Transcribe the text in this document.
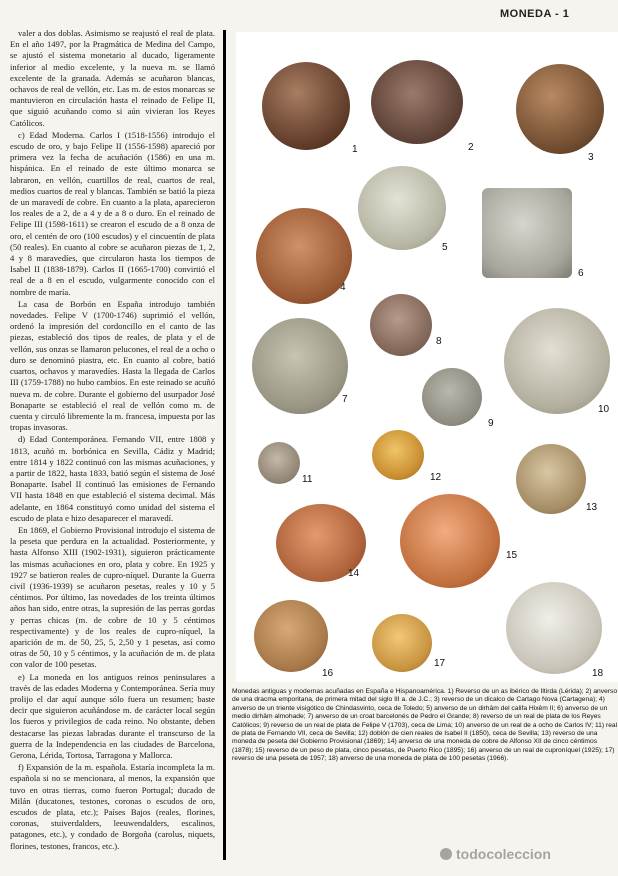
MONEDA - 1

valer a dos doblas. Asimismo se reajustó el real de plata. En el año 1497, por la Pragmática de Medina del Campo, se ajustó el sistema monetario al ducado, ligeramente inferior al medio excelente, y la nueva m. se llamó excelente de la granada. Además se acuñaron blancas, ochavos de real de vellón, etc. Las m. de estos monarcas se mantuvieron en circulación hasta el reinado de Felipe II, que siguió acuñando como si aún vivieran los Reyes Católicos.

c) Edad Moderna. Carlos I (1518-1556) introdujo el escudo de oro, y bajo Felipe II (1556-1598) apareció por primera vez la fecha de acuñación (1586) en una m. hispánica. En el reinado de este último monarca se labraron, en vellón, cuartillos de real, cuartos de real, medios cuartos de real y blancas. También se batió la pieza de un maravedí de cobre. En cuanto a la plata, aparecieron los reales de a 2, de a 4 y de a 8 o duro. En el reinado de Felipe III (1598-1611) se crearon el escudo de a 8 onza de oro, el centén de oro (100 escudos) y el cincuentín de plata (50 reales). En cuanto al cobre se acuñaron piezas de 1, 2, 4 y 8 maravedíes, que circularon hasta los tiempos de Isabel II (1838-1879). Carlos II (1665-1700) convirtió el real de a 8 en el escudo, vulgarmente conocido con el nombre de maría.

La casa de Borbón en España introdujo también novedades. Felipe V (1700-1746) suprimió el vellón, ordenó la impresión del cordoncillo en el canto de las piezas, estableció dos tipos de reales, de plata y el de vellón, sus onzas se llamaron pelucones, el real de a ocho o duro se denominó piastra, etc. En cuanto al cobre, batió cuartos, ochavos y maravedíes. Hasta la llegada de Carlos III (1759-1788) no hubo cambios. En este reinado se acuñó nueva m. de cobre. Durante el gobierno del usurpador José Bonaparte se estableció el real de vellón como m. de cuenta y circuló libremente la m. francesa, impuesta por las tropas invasoras.

d) Edad Contemporánea. Fernando VII, entre 1808 y 1813, acuñó m. borbónica en Sevilla, Cádiz y Madrid; entre 1814 y 1822 continuó con las mismas acuñaciones, y a partir de 1822, hasta 1833, batió según el sistema de José Bonaparte. Isabel II continuó las emisiones de Fernando VII hasta 1848 en que estableció el sistema decimal. Más adelante, en 1864 constituyó como unidad del sistema el escudo de plata e hizo desaparecer el maravedí.

En 1869, el Gobierno Provisional introdujo el sistema de la peseta que perdura en la actualidad. Posteriormente, y hasta Alfonso XIII (1902-1931), siguieron prácticamente las mismas acuñaciones en oro, plata y cobre. En 1925 y 1927 se batieron reales de cupro-níquel. Durante la Guerra civil (1936-1939) se acuñaron pesetas, reales y 10 y 5 céntimos. Por último, las novedades de los treinta últimos años han sido, entre otras, la supresión de las perras gordas y perras chicas (m. de cobre de 10 y 5 céntimos respectivamente) y de los reales de cupro-níquel, la aparición de m. de 50, 25, 5, 2,50 y 1 pesetas, así como otras de 50, 10 y 5 céntimos, y la acuñación de m. de plata con valor de 100 pesetas.

e) La moneda en los antiguos reinos peninsulares a través de las edades Moderna y Contemporánea. Sería muy prolijo el dar aquí aunque sólo fuera un resumen; baste decir que siguieron acuñándose m. de carácter local según los fueros y privilegios de cada reino. No obstante, deben destacarse las piezas labradas durante el transcurso de la guerra de la Independencia en las ciudades de Barcelona, Gerona, Lérida, Tortosa, Tarragona y Mallorca.

f) Expansión de la m. española. Estaría incompleta la m. española si no se mencionara, al menos, la expansión que tuvo en otras tierras, como fueron Portugal; ducado de Milán (ducatones, testones, coronas o escudos de oro, escudos de plata, etc.); Países Bajos (reales, florines, coronas, stuiverdalders, leeuwendalders, escalinos, patagones, etc.), y condado de Borgoña (carolus, niquets, florines, testones, francos, etc.).

1	2
3
4
5
6
7
8
9
10
11	12
13
14
15
16
17
18
Monedas antiguas y modernas acuñadas en España e Hispanoamérica. 1) Reverso de un as ibérico de Iltirda (Lérida); 2) anverso de una dracma emporitana, de primera mitad del siglo III a. de J.C.; 3) reverso de un dicalco de Cartago Nova (Cartagena); 4) anverso de un triente visigótico de Chindasvinto, ceca de Toledo; 5) anverso de un dirhâm del califa Hixêm II; 6) anverso de un medio dirhâm almohade; 7) anverso de un croat barcelonés de Pedro el Grande; 8) reverso de un real de plata de los Reyes Católicos; 9) reverso de un real de plata de Felipe V (1703), ceca de Lima; 10) anverso de un real de a ocho de Carlos IV; 11) real de plata de Fernando VII, ceca de Sevilla; 12) doblón de cien reales de Isabel II (1850), ceca de Sevilla; 13) reverso de una moneda de peseta del Gobierno Provisional (1869); 14) anverso de una moneda de cobre de Alfonso XII de cinco céntimos (1878); 15) reverso de un peso de plata, cinco pesetas, de Puerto Rico (1895); 16) anverso de un real de cuproníquel (1925); 17) reverso de una peseta de 1957; 18) anverso de una moneda de plata de 100 pesetas (1966).
todocoleccion
